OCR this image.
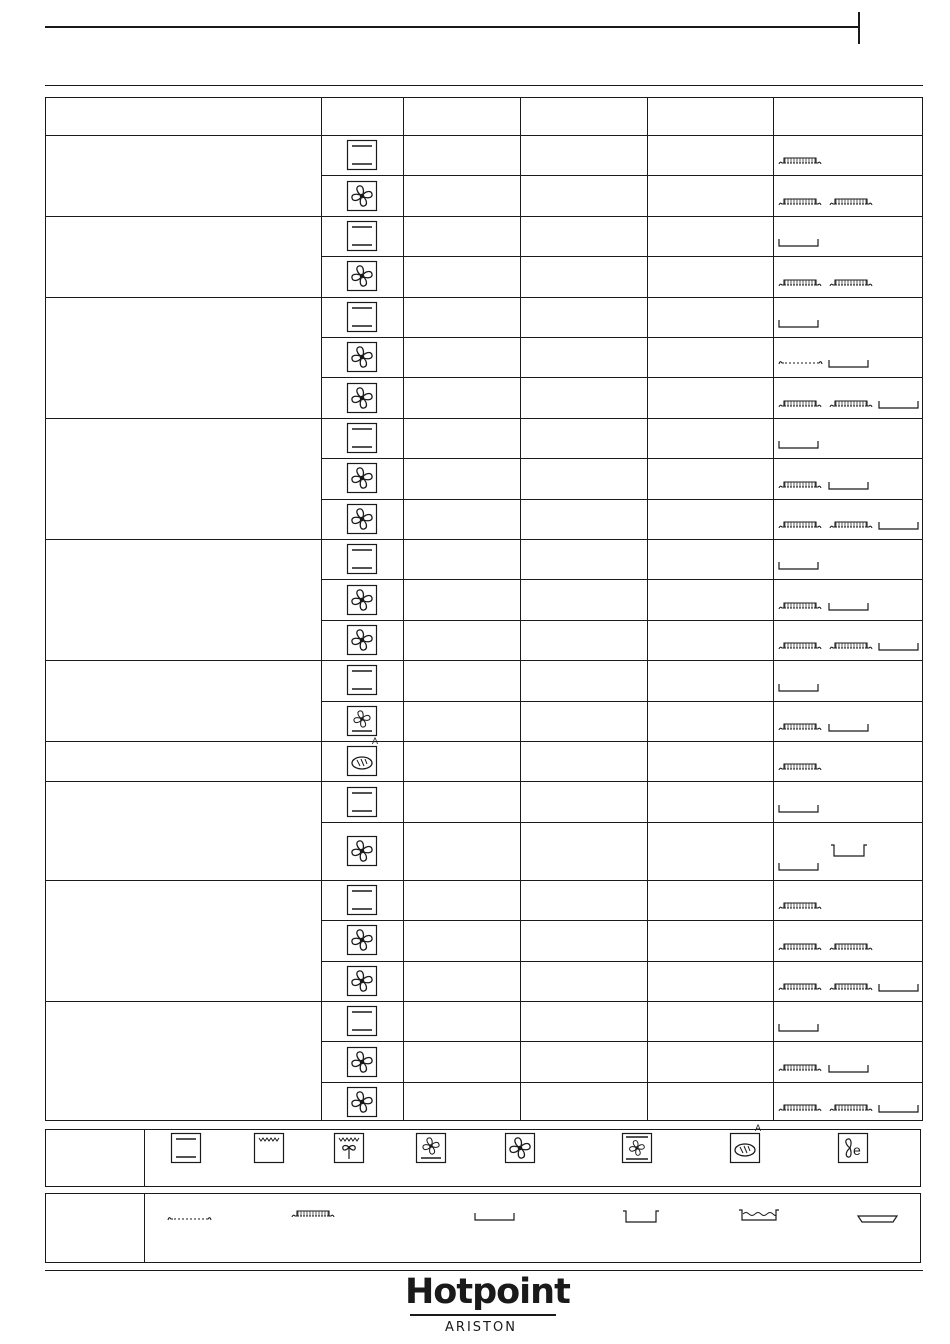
Hotpoint
ARISTON
A
A
e
